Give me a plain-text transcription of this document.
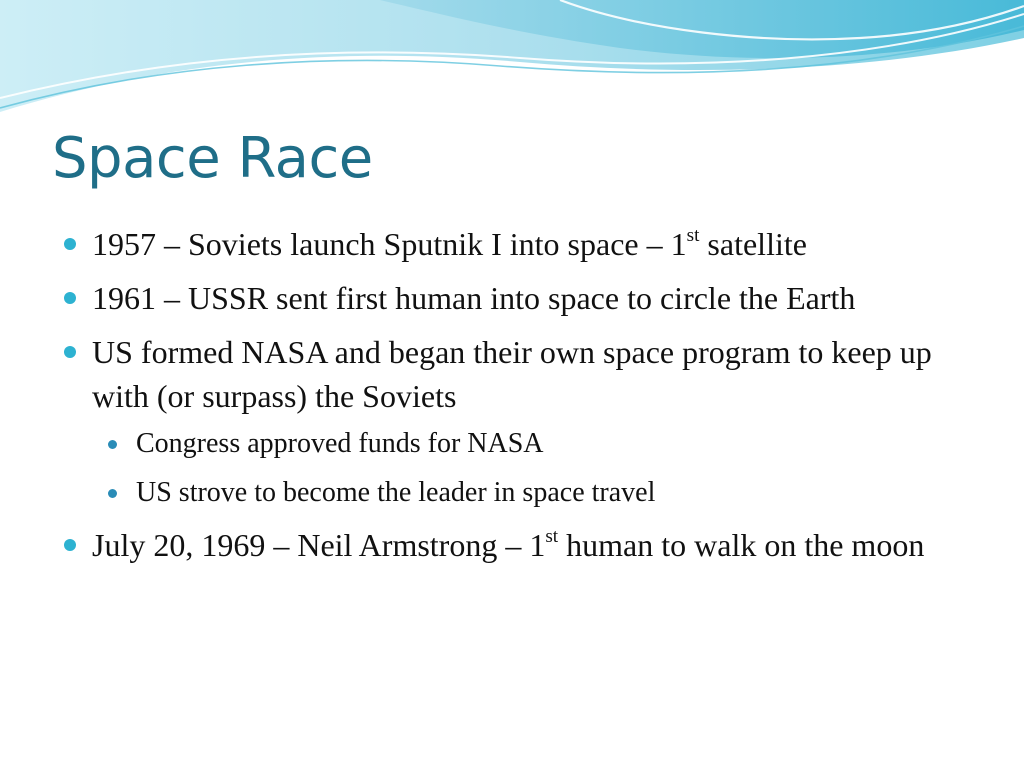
Space Race
1957 – Soviets launch Sputnik I into space – 1st satellite
1961 – USSR sent first human into space to circle the Earth
US formed NASA and began their own space program to keep up with (or surpass) the Soviets
Congress approved funds for NASA
US strove to become the leader in space travel
July 20, 1969 – Neil Armstrong – 1st human to walk on the moon
